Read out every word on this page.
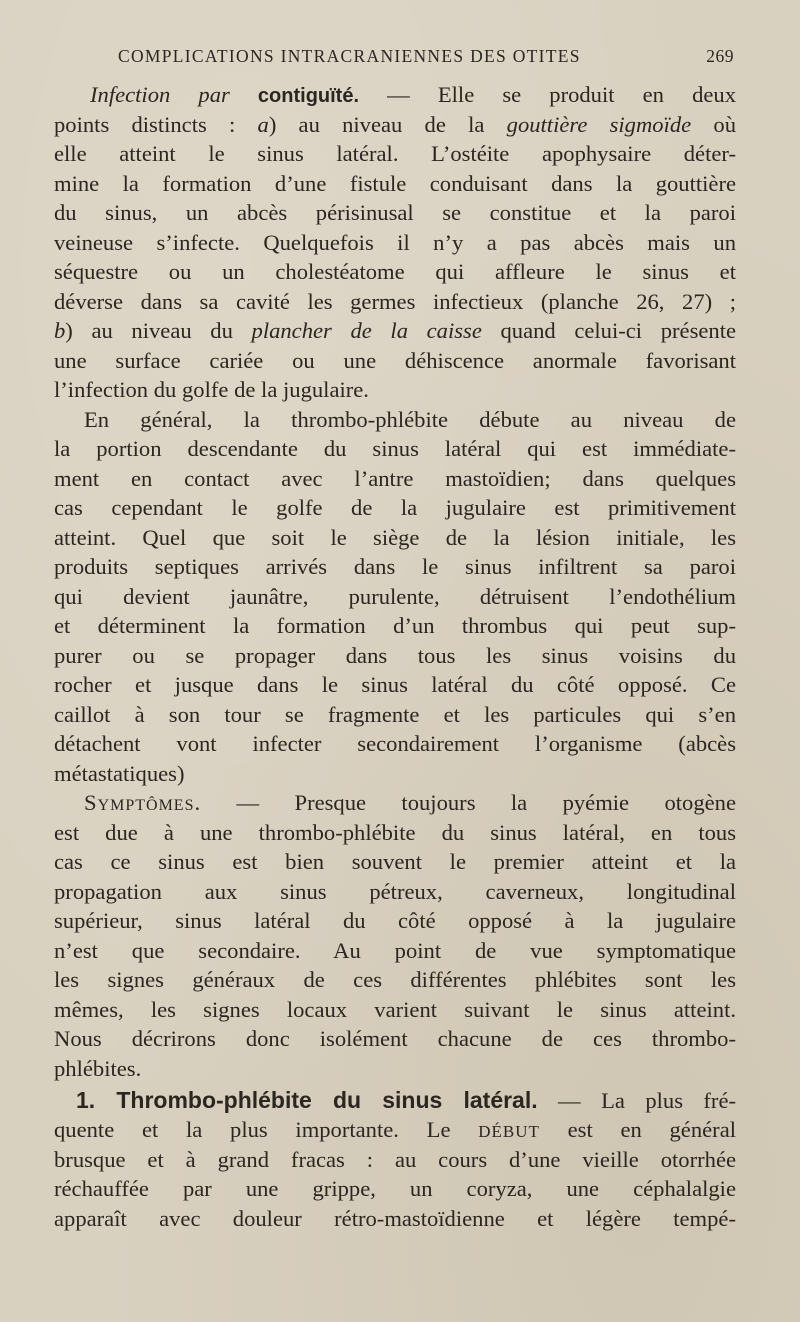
COMPLICATIONS INTRACRANIENNES DES OTITES	269
Infection par contiguïté. — Elle se produit en deux
points distincts : a) au niveau de la gouttière sigmoïde où
elle atteint le sinus latéral. L’ostéite apophysaire déter-
mine la formation d’une fistule conduisant dans la gouttière
du sinus, un abcès périsinusal se constitue et la paroi
veineuse s’infecte. Quelquefois il n’y a pas abcès mais un
séquestre ou un cholestéatome qui affleure le sinus et
déverse dans sa cavité les germes infectieux (planche 26, 27) ;
b) au niveau du plancher de la caisse quand celui-ci présente
une surface cariée ou une déhiscence anormale favorisant
l’infection du golfe de la jugulaire.
En général, la thrombo-phlébite débute au niveau de
la portion descendante du sinus latéral qui est immédiate-
ment en contact avec l’antre mastoïdien; dans quelques
cas cependant le golfe de la jugulaire est primitivement
atteint. Quel que soit le siège de la lésion initiale, les
produits septiques arrivés dans le sinus infiltrent sa paroi
qui devient jaunâtre, purulente, détruisent l’endothélium
et déterminent la formation d’un thrombus qui peut sup-
purer ou se propager dans tous les sinus voisins du
rocher et jusque dans le sinus latéral du côté opposé. Ce
caillot à son tour se fragmente et les particules qui s’en
détachent vont infecter secondairement l’organisme (abcès
métastatiques)
Symptômes. — Presque toujours la pyémie otogène
est due à une thrombo-phlébite du sinus latéral, en tous
cas ce sinus est bien souvent le premier atteint et la
propagation aux sinus pétreux, caverneux, longitudinal
supérieur, sinus latéral du côté opposé à la jugulaire
n’est que secondaire. Au point de vue symptomatique
les signes généraux de ces différentes phlébites sont les
mêmes, les signes locaux varient suivant le sinus atteint.
Nous décrirons donc isolément chacune de ces thrombo-
phlébites.
1. Thrombo-phlébite du sinus latéral. — La plus fré-
quente et la plus importante. Le DÉBUT est en général
brusque et à grand fracas : au cours d’une vieille otorrhée
réchauffée par une grippe, un coryza, une céphalalgie
apparaît avec douleur rétro-mastoïdienne et légère tempé-
